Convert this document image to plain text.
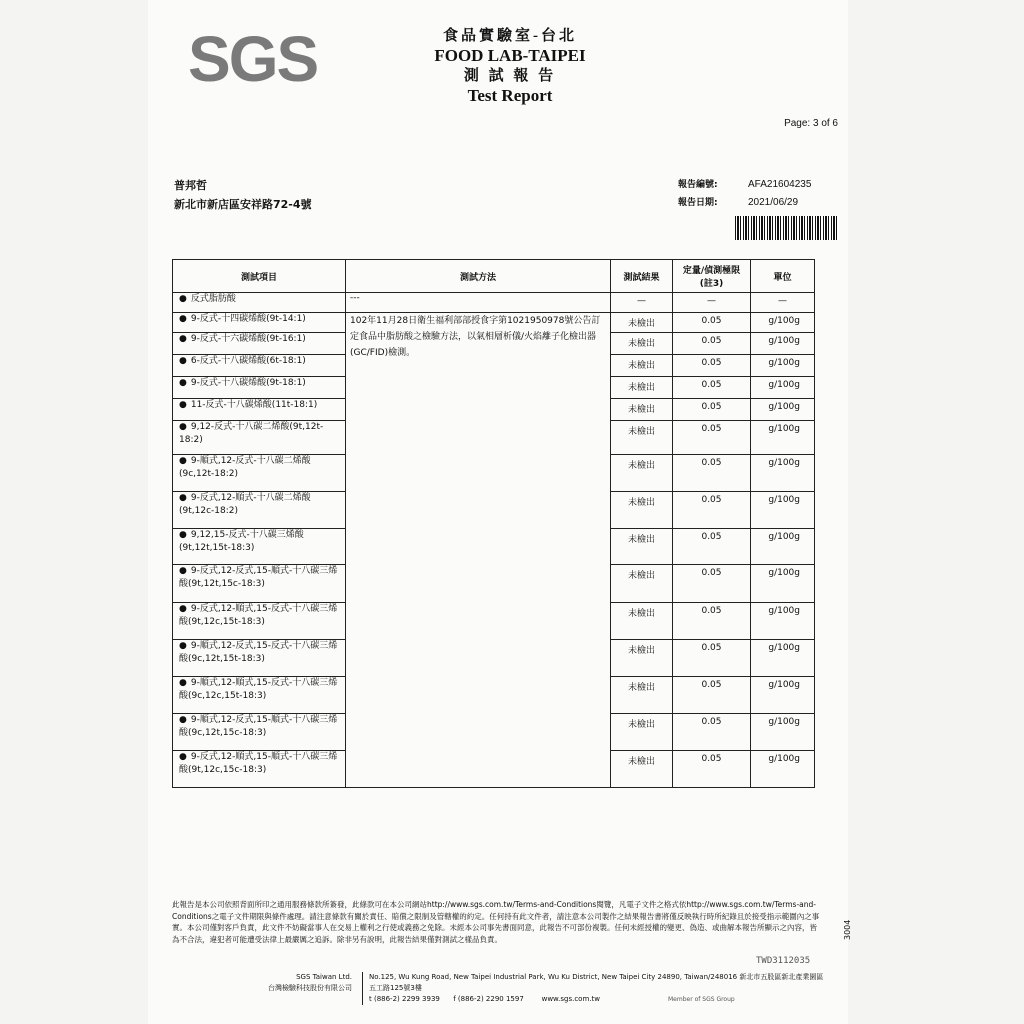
SGS	食品實驗室-台北
FOOD LAB-TAIPEI
測 試 報 告
Test Report
Page: 3 of 6
普邦哲
新北市新店區安祥路72-4號
報告編號:	AFA21604235
報告日期:	2021/06/29
測試項目	測試方法	測試結果	定量/偵測極限(註3)	單位
● 反式脂肪酸	---	—	—	—
● 9-反式-十四碳烯酸(9t-14:1)	102年11月28日衛生福利部部授食字第1021950978號公告訂定食品中脂肪酸之檢驗方法，以氣相層析儀/火焰離子化檢出器(GC/FID)檢測。	未檢出	0.05	g/100g
● 9-反式-十六碳烯酸(9t-16:1)		未檢出	0.05	g/100g
● 6-反式-十八碳烯酸(6t-18:1)		未檢出	0.05	g/100g
● 9-反式-十八碳烯酸(9t-18:1)		未檢出	0.05	g/100g
● 11-反式-十八碳烯酸(11t-18:1)		未檢出	0.05	g/100g
● 9,12-反式-十八碳二烯酸(9t,12t-18:2)		未檢出	0.05	g/100g
● 9-順式,12-反式-十八碳二烯酸(9c,12t-18:2)		未檢出	0.05	g/100g
● 9-反式,12-順式-十八碳二烯酸(9t,12c-18:2)		未檢出	0.05	g/100g
● 9,12,15-反式-十八碳三烯酸(9t,12t,15t-18:3)		未檢出	0.05	g/100g
● 9-反式,12-反式,15-順式-十八碳三烯酸(9t,12t,15c-18:3)		未檢出	0.05	g/100g
● 9-反式,12-順式,15-反式-十八碳三烯酸(9t,12c,15t-18:3)		未檢出	0.05	g/100g
● 9-順式,12-反式,15-反式-十八碳三烯酸(9c,12t,15t-18:3)		未檢出	0.05	g/100g
● 9-順式,12-順式,15-反式-十八碳三烯酸(9c,12c,15t-18:3)		未檢出	0.05	g/100g
● 9-順式,12-反式,15-順式-十八碳三烯酸(9c,12t,15c-18:3)		未檢出	0.05	g/100g
● 9-反式,12-順式,15-順式-十八碳三烯酸(9t,12c,15c-18:3)		未檢出	0.05	g/100g
此報告是本公司依照背面所印之通用服務條款所簽發，此條款可在本公司網站http://www.sgs.com.tw/Terms-and-Conditions閱覽，凡電子文件之格式依http://www.sgs.com.tw/Terms-and-Conditions之電子文件期限與條件處理。請注意條款有關於責任、賠償之限制及管轄權的約定。任何持有此文件者，請注意本公司製作之結果報告書將僅反映執行時所紀錄且於接受指示範圍內之事實。本公司僅對客戶負責，此文件不妨礙當事人在交易上權利之行使或義務之免除。未經本公司事先書面同意，此報告不可部份複製。任何未經授權的變更、偽造、或曲解本報告所顯示之內容，皆為不合法，違犯者可能遭受法律上最嚴厲之追訴。除非另有說明，此報告結果僅對測試之樣品負責。
TWD3112035
3004
SGS Taiwan Ltd.
台灣檢驗科技股份有限公司
No.125, Wu Kung Road, New Taipei Industrial Park, Wu Ku District, New Taipei City 24890, Taiwan/248016 新北市五股區新北產業園區五工路125號3樓
t (886-2) 2299 3939 f (886-2) 2290 1597	www.sgs.com.tw	Member of SGS Group
